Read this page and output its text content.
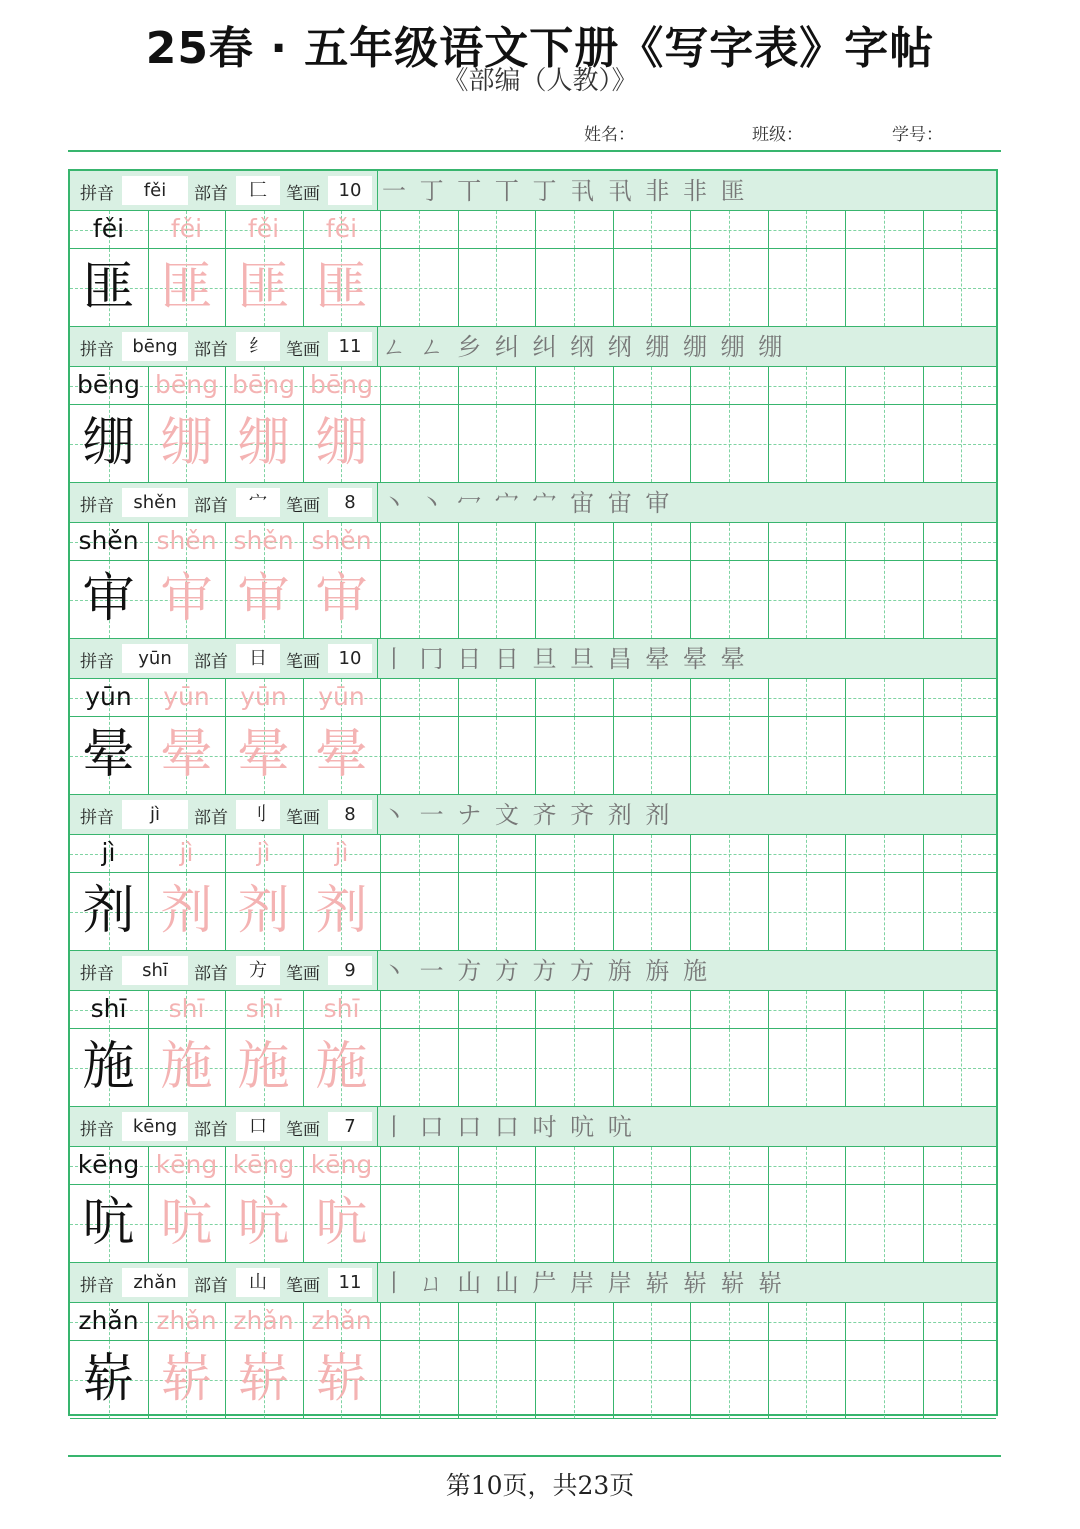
25春 · 五年级语文下册《写字表》字帖
《部编（人教）》
姓名：	班级：	学号：
拼音	fěi	部首	匚	笔画	10 一 丁 丅 丅 丁 丮 丮 非 非 匪
fěi	fěi	fěi	fěi
匪 匪 匪 匪
拼音	bēng 部首	纟	笔画	11 ㄥ ㄥ 乡 纠 纠 纲 纲 绷 绷 绷 绷
bēng bēng bēng bēng
绷 绷 绷 绷
拼音	shěn	部首	宀	笔画	8	丶 丶 冖 宀 宀 宙 宙 审
shěn shěn shěn shěn
审 审 审 审
拼音	yūn	部首	日	笔画	10 丨 冂 日 日 旦 旦 昌 晕 晕 晕
yūn	yūn	yūn	yūn
晕 晕 晕 晕
拼音	jì	部首	刂	笔画	8	丶 一 ナ 文 齐 齐 剂 剂
jì	jì	jì	jì
剂 剂 剂 剂
拼音	shī	部首	方	笔画	9	丶 一 方 方 方 方 旃 旃 施
shī	shī	shī	shī
施 施 施 施
拼音	kēng 部首	口	笔画	7	丨 口 口 口 吋 吭 吭
kēng kēng kēng kēng
吭 吭 吭 吭
拼音	zhǎn	部首	山	笔画	11 丨 ㄩ 山 山 屵 岸 岸 崭 崭 崭 崭
zhǎn zhǎn zhǎn zhǎn
崭 崭 崭 崭
第10页，共23页
